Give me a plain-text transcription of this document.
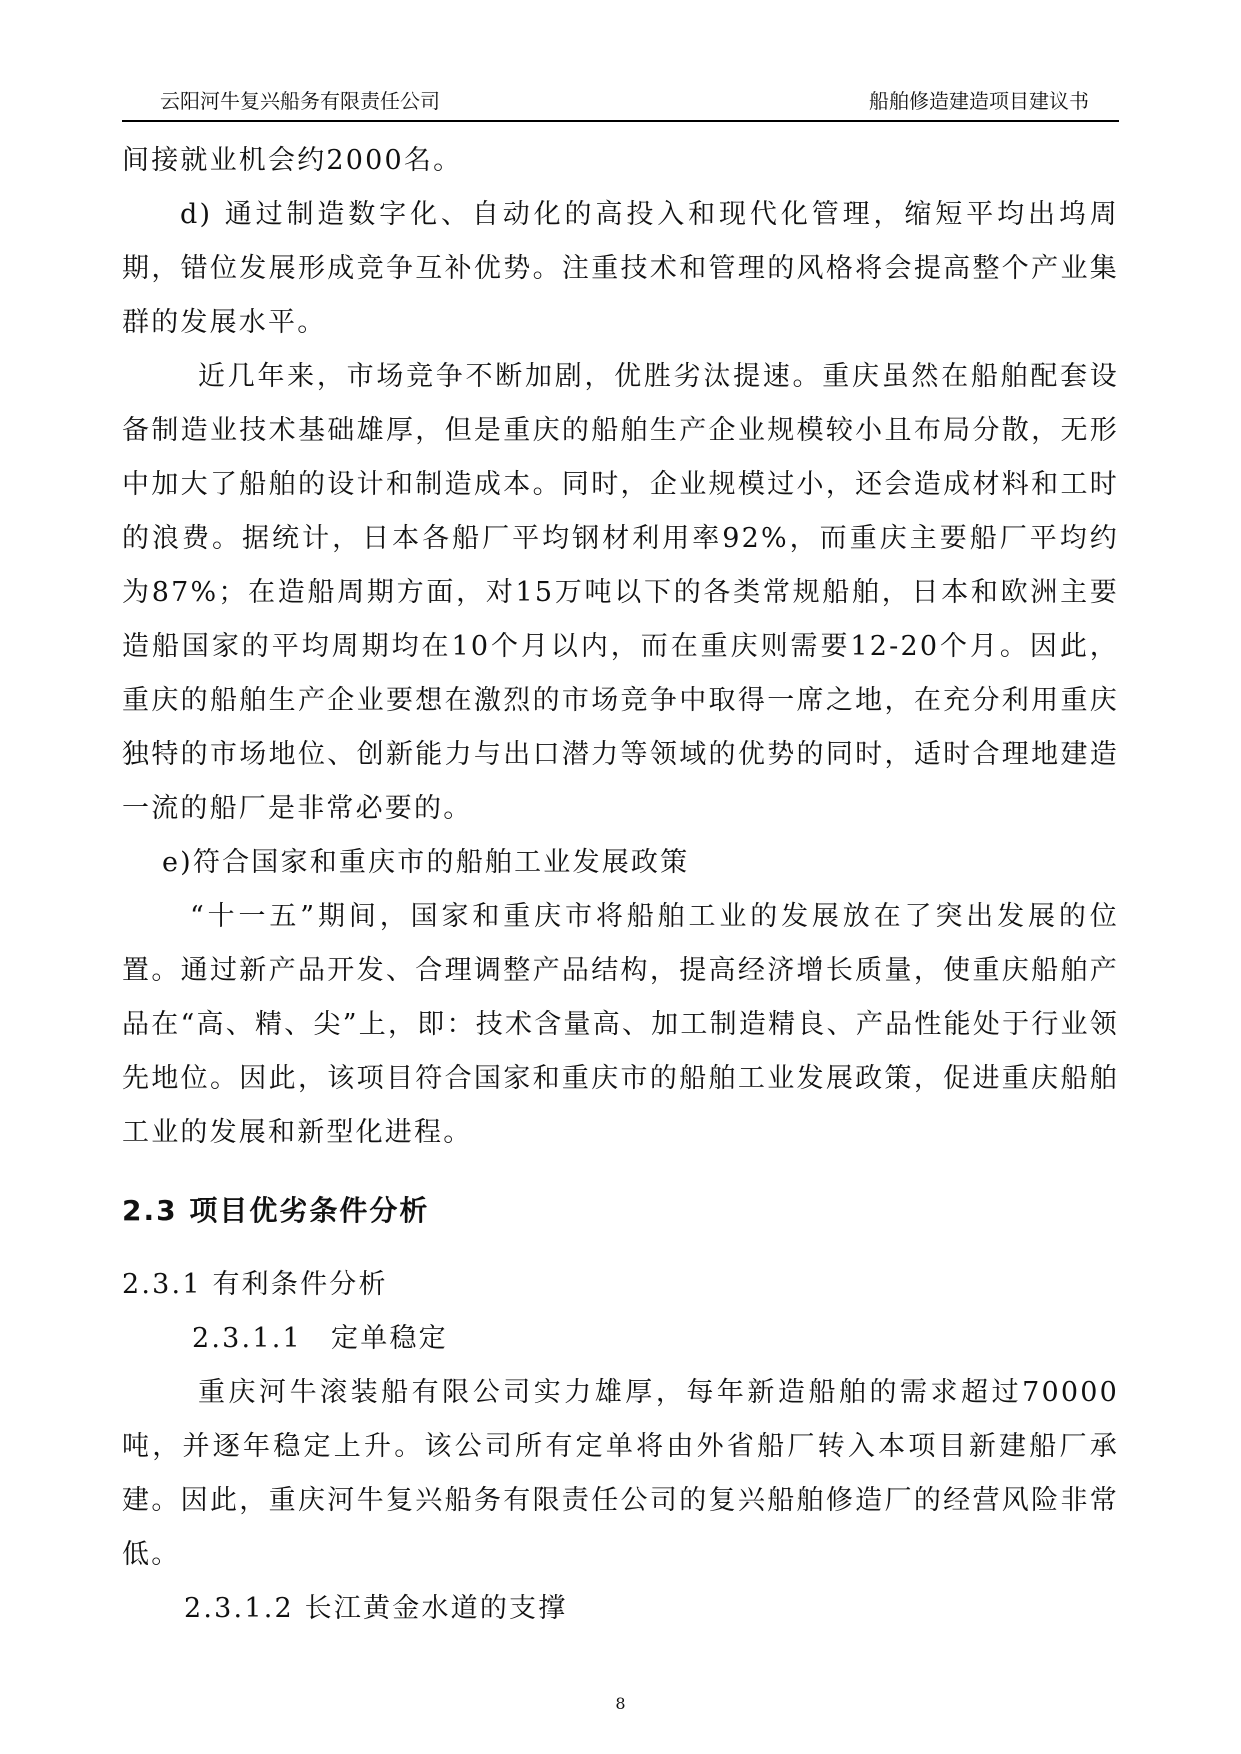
云阳河牛复兴船务有限责任公司	船舶修造建造项目建议书

间接就业机会约2000名。

d) 通过制造数字化、自动化的高投入和现代化管理，缩短平均出坞周期，错位发展形成竞争互补优势。注重技术和管理的风格将会提高整个产业集群的发展水平。

近几年来，市场竞争不断加剧，优胜劣汰提速。重庆虽然在船舶配套设备制造业技术基础雄厚，但是重庆的船舶生产企业规模较小且布局分散，无形中加大了船舶的设计和制造成本。同时，企业规模过小，还会造成材料和工时的浪费。据统计，日本各船厂平均钢材利用率92%，而重庆主要船厂平均约为87%；在造船周期方面，对15万吨以下的各类常规船舶，日本和欧洲主要造船国家的平均周期均在10个月以内，而在重庆则需要12-20个月。因此，重庆的船舶生产企业要想在激烈的市场竞争中取得一席之地，在充分利用重庆独特的市场地位、创新能力与出口潜力等领域的优势的同时，适时合理地建造一流的船厂是非常必要的。

e)符合国家和重庆市的船舶工业发展政策

“十一五”期间，国家和重庆市将船舶工业的发展放在了突出发展的位置。通过新产品开发、合理调整产品结构，提高经济增长质量，使重庆船舶产品在“高、精、尖”上，即：技术含量高、加工制造精良、产品性能处于行业领先地位。因此，该项目符合国家和重庆市的船舶工业发展政策，促进重庆船舶工业的发展和新型化进程。

2.3 项目优劣条件分析

2.3.1 有利条件分析

2.3.1.1　定单稳定

重庆河牛滚装船有限公司实力雄厚，每年新造船舶的需求超过70000吨，并逐年稳定上升。该公司所有定单将由外省船厂转入本项目新建船厂承建。因此，重庆河牛复兴船务有限责任公司的复兴船舶修造厂的经营风险非常低。

2.3.1.2 长江黄金水道的支撑

8
